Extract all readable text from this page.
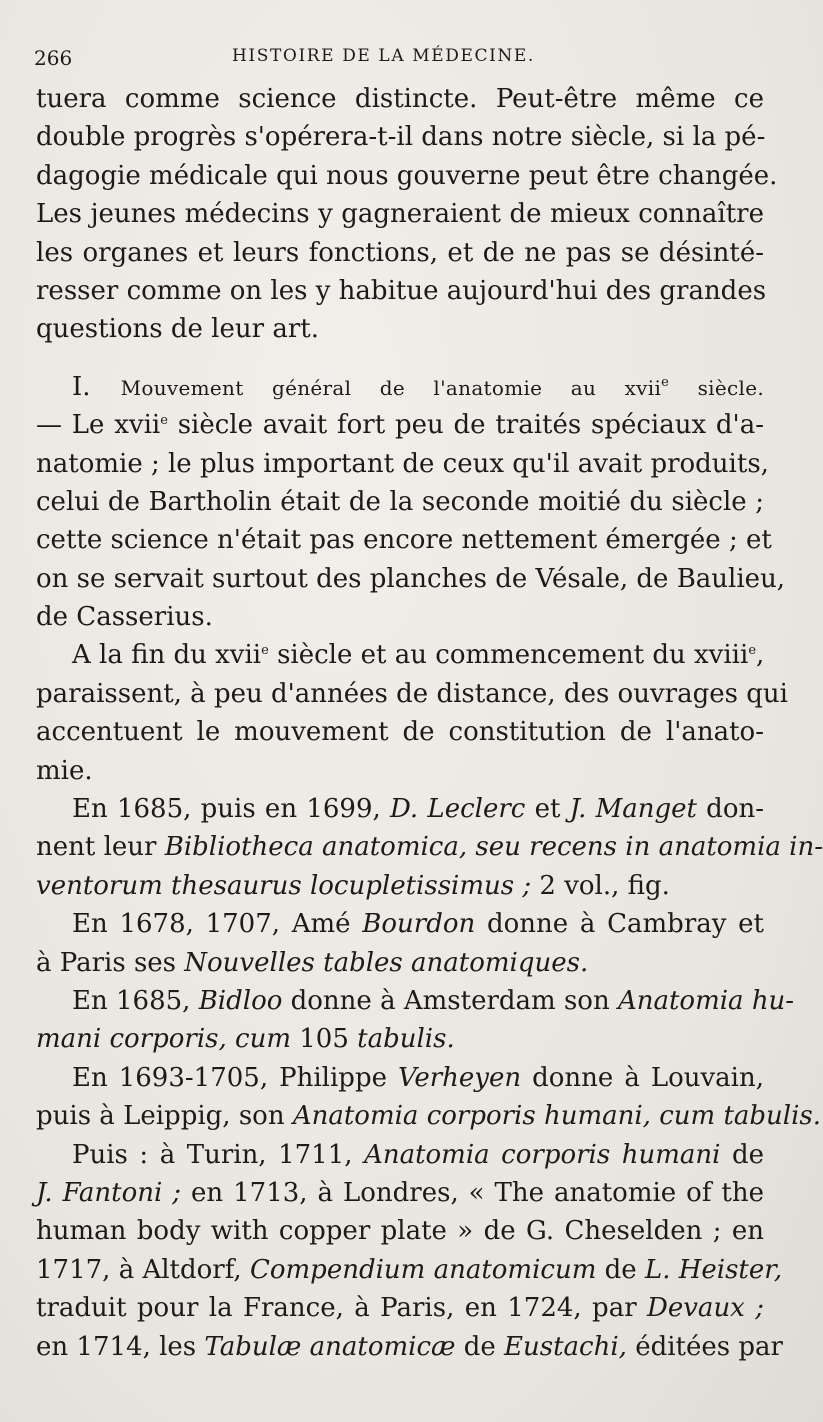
266	HISTOIRE DE LA MÉDECINE.
tuera comme science distincte. Peut-être même ce
double progrès s'opérera-t-il dans notre siècle, si la pé-
dagogie médicale qui nous gouverne peut être changée.
Les jeunes médecins y gagneraient de mieux connaître
les organes et leurs fonctions, et de ne pas se désinté-
resser comme on les y habitue aujourd'hui des grandes
questions de leur art.
I. Mouvement général de l'anatomie au xvii$^e$ siècle.
— Le xvii$^e$ siècle avait fort peu de traités spéciaux d'a-
natomie ; le plus important de ceux qu'il avait produits,
celui de Bartholin était de la seconde moitié du siècle ;
cette science n'était pas encore nettement émergée ; et
on se servait surtout des planches de Vésale, de Baulieu,
de Casserius.
A la fin du xvii$^e$ siècle et au commencement du xviii$^e$,
paraissent, à peu d'années de distance, des ouvrages qui
accentuent le mouvement de constitution de l'anato-
mie.
En 1685, puis en 1699, D. Leclerc et J. Manget don-
nent leur Bibliotheca anatomica, seu recens in anatomia in-
ventorum thesaurus locupletissimus ; 2 vol., fig.
En 1678, 1707, Amé Bourdon donne à Cambray et
à Paris ses Nouvelles tables anatomiques.
En 1685, Bidloo donne à Amsterdam son Anatomia hu-
mani corporis, cum 105 tabulis.
En 1693-1705, Philippe Verheyen donne à Louvain,
puis à Leippig, son Anatomia corporis humani, cum tabulis.
Puis : à Turin, 1711, Anatomia corporis humani de
J. Fantoni ; en 1713, à Londres, « The anatomie of the
human body with copper plate » de G. Cheselden ; en
1717, à Altdorf, Compendium anatomicum de L. Heister,
traduit pour la France, à Paris, en 1724, par Devaux ;
en 1714, les Tabulæ anatomicæ de Eustachi, éditées par
